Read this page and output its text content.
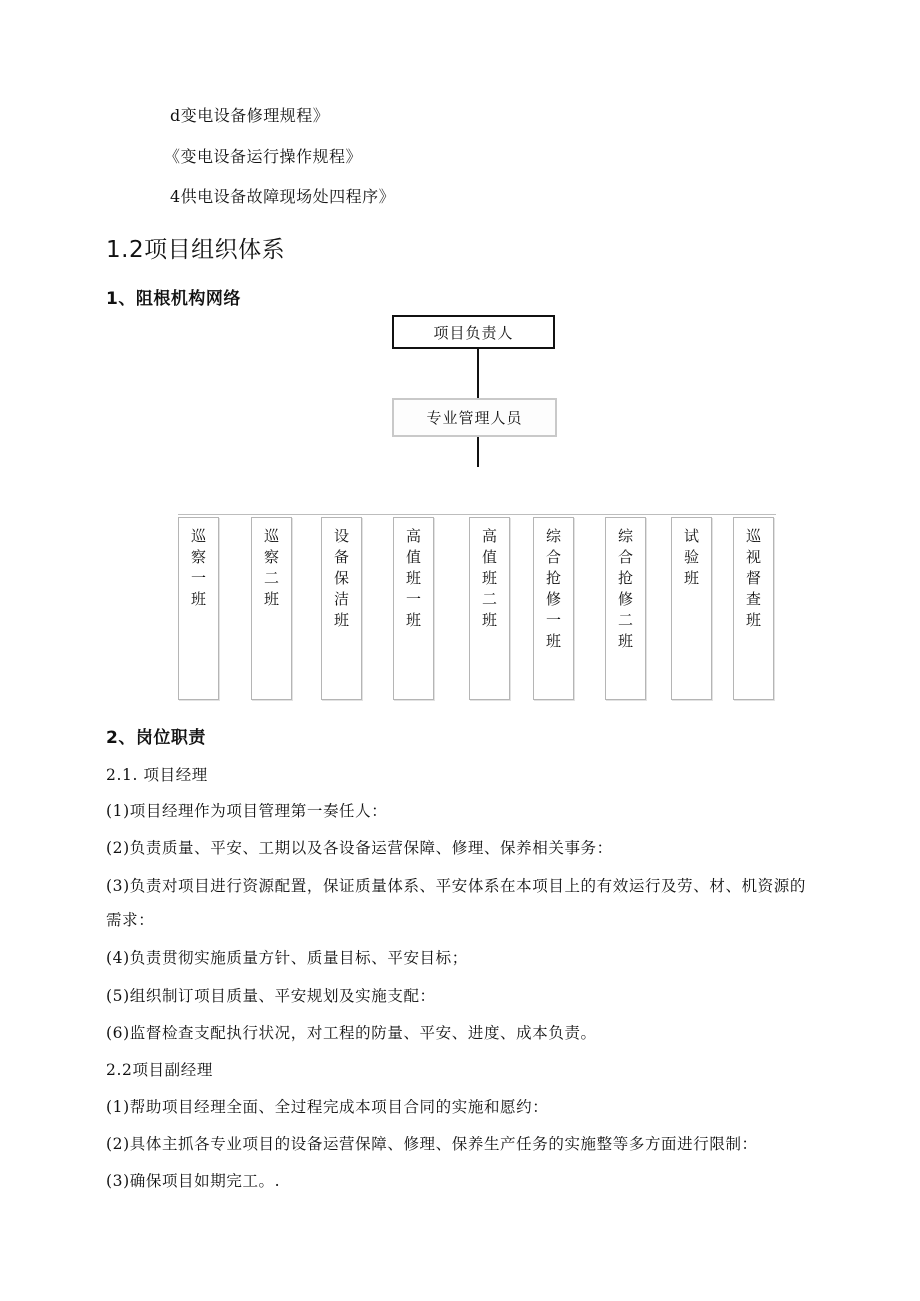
d变电设备修理规程》
《变电设备运行操作规程》
4供电设备故障现场处四程序》
1.2项目组织体系
1、阻根机构网络
项目负责人
专业管理人员
巡
察
一
班
巡
察
二
班
设
备
保
洁
班
高
值
班
一
班
高
值
班
二
班
综
合
抢
修
一
班
综
合
抢
修
二
班
试
验
班
巡
视
督
查
班
2、岗位职责
2.1. 项目经理
(1)项目经理作为项目管理第一奏任人：
(2)负责质量、平安、工期以及各设备运营保障、修理、保养相关事务：
(3)负责对项目进行资源配置，保证质量体系、平安体系在本项目上的有效运行及劳、材、机资源的
需求：
(4)负责贯彻实施质量方针、质量目标、平安目标；
(5)组织制订项目质量、平安规划及实施支配：
(6)监督检查支配执行状况，对工程的防量、平安、进度、成本负责。
2.2项目副经理
(1)帮助项目经理全面、全过程完成本项目合同的实施和愿约：
(2)具体主抓各专业项目的设备运营保障、修理、保养生产任务的实施整等多方面进行限制：
(3)确保项目如期完工。.
